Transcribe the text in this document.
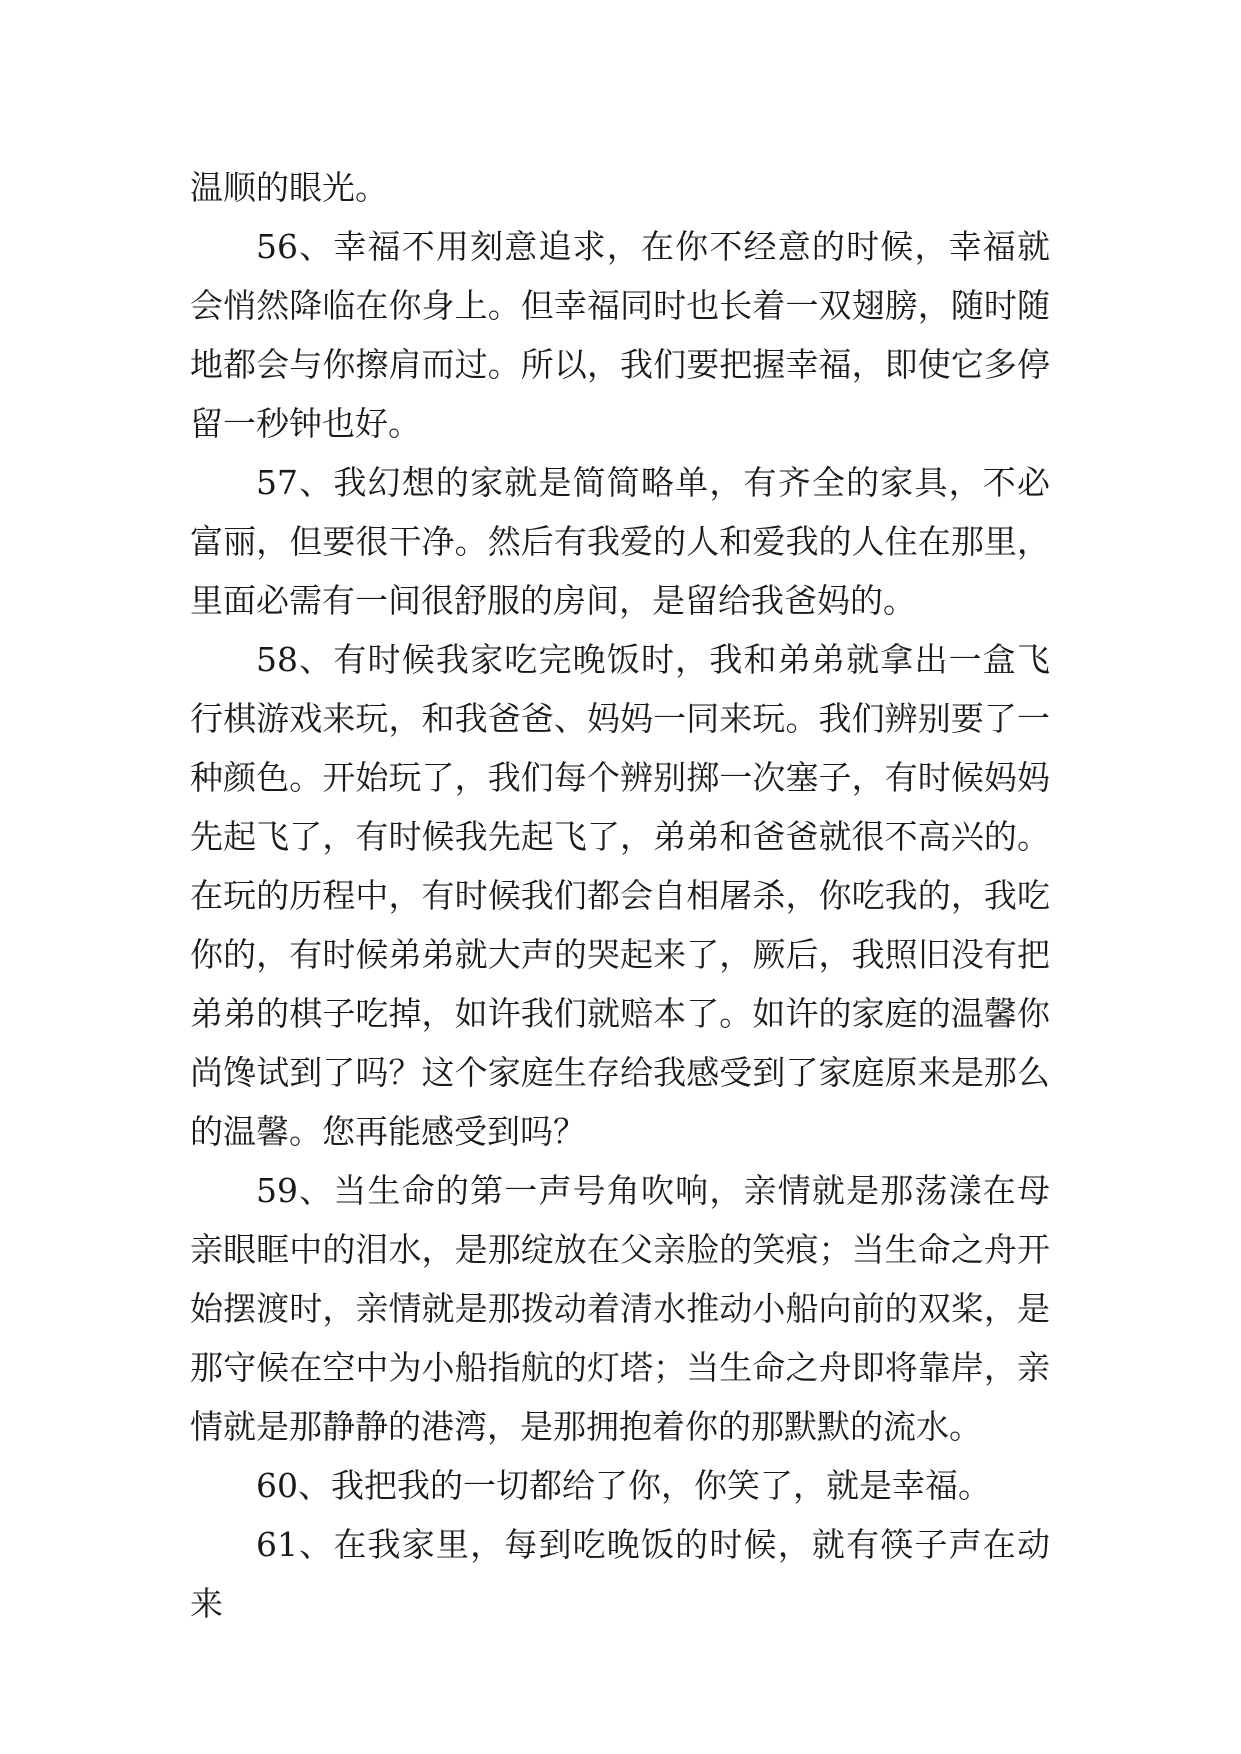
温顺的眼光。

56、幸福不用刻意追求，在你不经意的时候，幸福就会悄然降临在你身上。但幸福同时也长着一双翅膀，随时随地都会与你擦肩而过。所以，我们要把握幸福，即使它多停留一秒钟也好。

57、我幻想的家就是简简略单，有齐全的家具，不必富丽，但要很干净。然后有我爱的人和爱我的人住在那里，里面必需有一间很舒服的房间，是留给我爸妈的。

58、有时候我家吃完晚饭时，我和弟弟就拿出一盒飞行棋游戏来玩，和我爸爸、妈妈一同来玩。我们辨别要了一种颜色。开始玩了，我们每个辨别掷一次塞子，有时候妈妈先起飞了，有时候我先起飞了，弟弟和爸爸就很不高兴的。在玩的历程中，有时候我们都会自相屠杀，你吃我的，我吃你的，有时候弟弟就大声的哭起来了，厥后，我照旧没有把弟弟的棋子吃掉，如许我们就赔本了。如许的家庭的温馨你尚馋试到了吗？这个家庭生存给我感受到了家庭原来是那么的温馨。您再能感受到吗？

59、当生命的第一声号角吹响，亲情就是那荡漾在母亲眼眶中的泪水，是那绽放在父亲脸的笑痕；当生命之舟开始摆渡时，亲情就是那拨动着清水推动小船向前的双桨，是那守候在空中为小船指航的灯塔；当生命之舟即将靠岸，亲情就是那静静的港湾，是那拥抱着你的那默默的流水。

60、我把我的一切都给了你，你笑了，就是幸福。

61、在我家里，每到吃晚饭的时候，就有筷子声在动来
